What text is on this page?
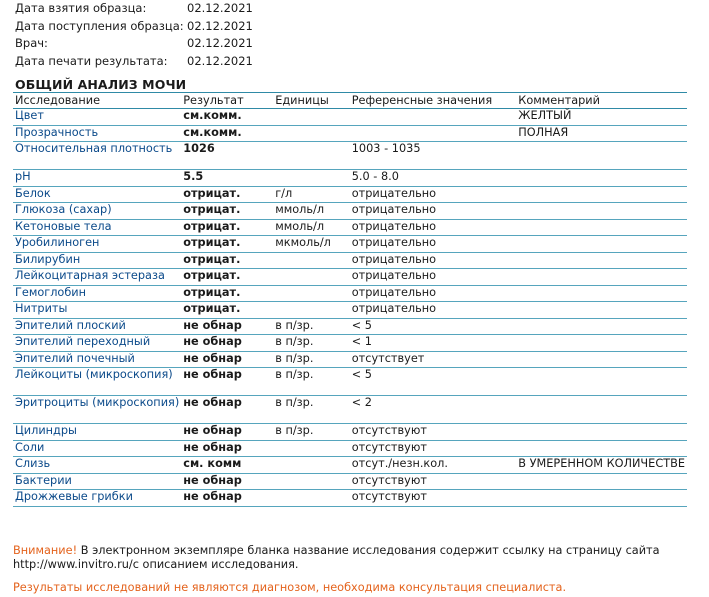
Дата взятия образца:	02.12.2021
Дата поступления образца: 02.12.2021
Врач:	02.12.2021
Дата печати результата: 02.12.2021
ОБЩИЙ АНАЛИЗ МОЧИ
Исследование	Результат	Единицы	Референсные значения	Комментарий
Цвет	см.комм.			ЖЕЛТЫЙ
Прозрачность	см.комм.			ПОЛНАЯ
Относительная плотность	1026		1003 - 1035	
pH	5.5		5.0 - 8.0	
Белок	отрицат.	г/л	отрицательно	
Глюкоза (сахар)	отрицат.	ммоль/л	отрицательно	
Кетоновые тела	отрицат.	ммоль/л	отрицательно	
Уробилиноген	отрицат.	мкмоль/л	отрицательно	
Билирубин	отрицат.		отрицательно	
Лейкоцитарная эстераза	отрицат.		отрицательно	
Гемоглобин	отрицат.		отрицательно	
Нитриты	отрицат.		отрицательно	
Эпителий плоский	не обнар	в п/зр.	< 5	
Эпителий переходный	не обнар	в п/зр.	< 1	
Эпителий почечный	не обнар	в п/зр.	отсутствует	
Лейкоциты (микроскопия)	не обнар	в п/зр.	< 5	
Эритроциты (микроскопия)	не обнар	в п/зр.	< 2	
Цилиндры	не обнар	в п/зр.	отсутствуют	
Соли	не обнар		отсутствуют	
Слизь	см. комм		отсут./незн.кол.	В УМЕРЕННОМ КОЛИЧЕСТВЕ
Бактерии	не обнар		отсутствуют	
Дрожжевые грибки	не обнар		отсутствуют	
Внимание! В электронном экземпляре бланка название исследования содержит ссылку на страницу сайта http://www.invitro.ru/c описанием исследования.
Результаты исследований не являются диагнозом, необходима консультация специалиста.
